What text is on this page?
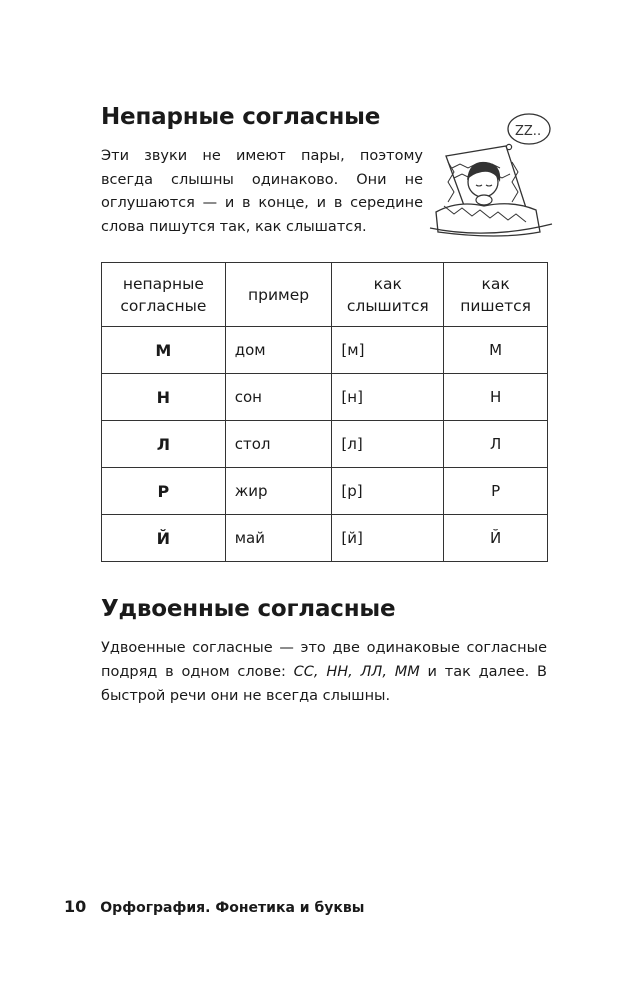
Непарные согласные

Эти звуки не имеют пары, поэтому всегда слышны одинаково. Они не оглушаются — и в конце, и в середине слова пишутся так, как слышатся.

ZZ..
непарные согласные	пример	как слышится	как пишется
М	дом	[м]	М
Н	сон	[н]	Н
Л	стол	[л]	Л
Р	жир	[р]	Р
Й	май	[й]	Й
Удвоенные согласные

Удвоенные согласные — это две одинаковые согласные подряд в одном слове: СС, НН, ЛЛ, ММ и так далее. В быстрой речи они не всегда слышны.

10 Орфография. Фонетика и буквы
